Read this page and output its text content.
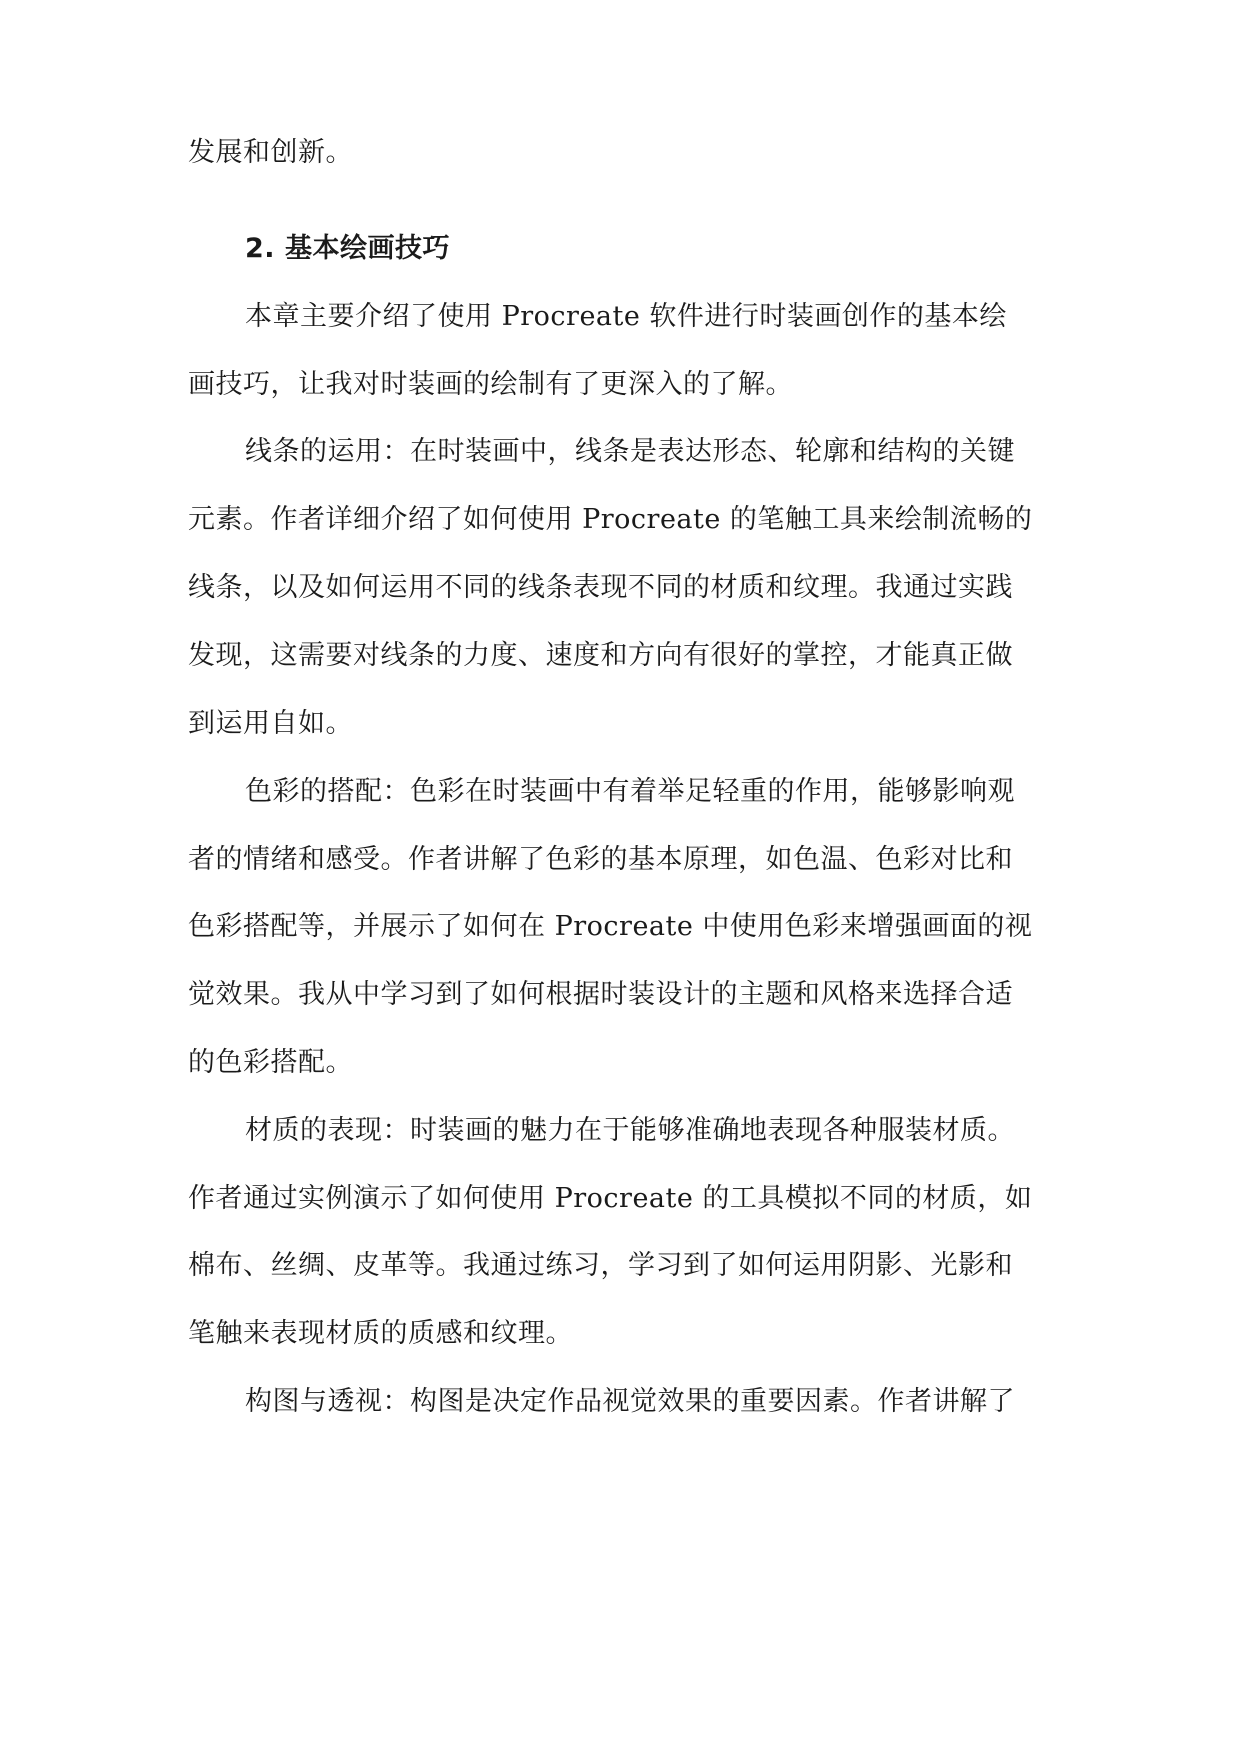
发展和创新。
2. 基本绘画技巧
本章主要介绍了使用 Procreate 软件进行时装画创作的基本绘
画技巧，让我对时装画的绘制有了更深入的了解。
线条的运用：在时装画中，线条是表达形态、轮廓和结构的关键
元素。作者详细介绍了如何使用 Procreate 的笔触工具来绘制流畅的
线条，以及如何运用不同的线条表现不同的材质和纹理。我通过实践
发现，这需要对线条的力度、速度和方向有很好的掌控，才能真正做
到运用自如。
色彩的搭配：色彩在时装画中有着举足轻重的作用，能够影响观
者的情绪和感受。作者讲解了色彩的基本原理，如色温、色彩对比和
色彩搭配等，并展示了如何在 Procreate 中使用色彩来增强画面的视
觉效果。我从中学习到了如何根据时装设计的主题和风格来选择合适
的色彩搭配。
材质的表现：时装画的魅力在于能够准确地表现各种服装材质。
作者通过实例演示了如何使用 Procreate 的工具模拟不同的材质，如
棉布、丝绸、皮革等。我通过练习，学习到了如何运用阴影、光影和
笔触来表现材质的质感和纹理。
构图与透视：构图是决定作品视觉效果的重要因素。作者讲解了
